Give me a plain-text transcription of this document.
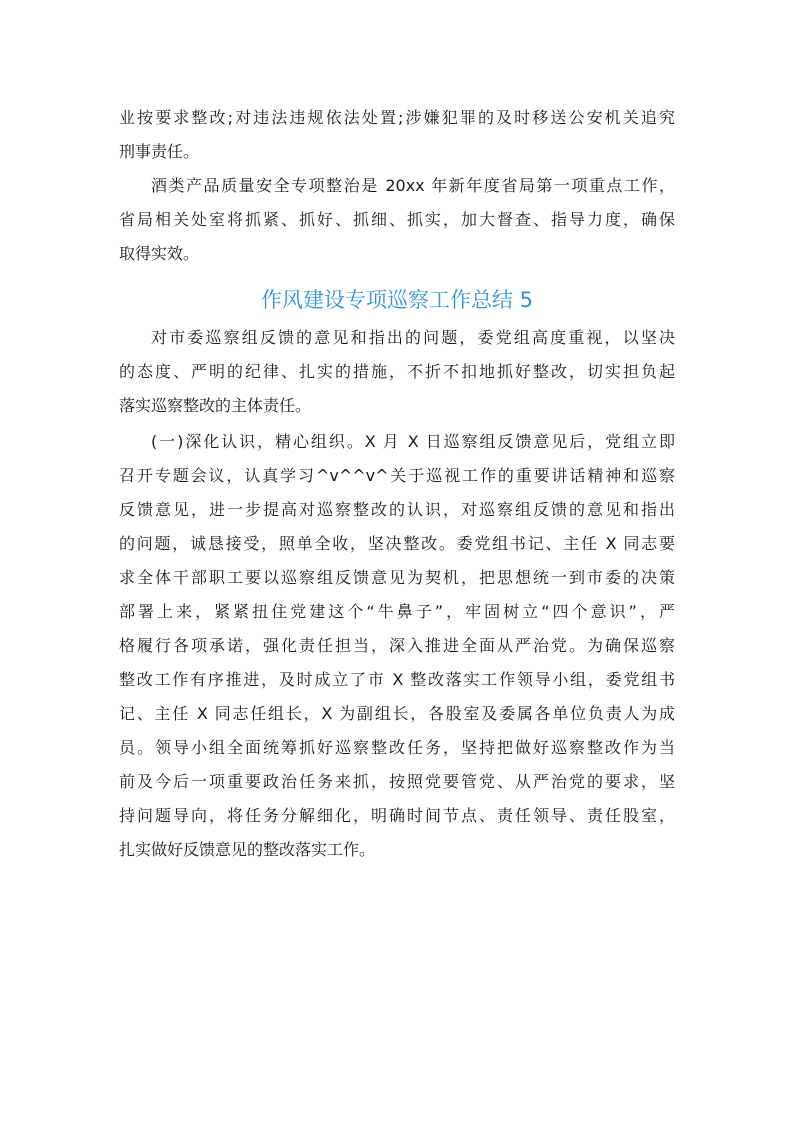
业按要求整改;对违法违规依法处置;涉嫌犯罪的及时移送公安机关追究
刑事责任。
酒类产品质量安全专项整治是 20xx 年新年度省局第一项重点工作，
省局相关处室将抓紧、抓好、抓细、抓实，加大督查、指导力度，确保
取得实效。
作风建设专项巡察工作总结 5
对市委巡察组反馈的意见和指出的问题，委党组高度重视，以坚决
的态度、严明的纪律、扎实的措施，不折不扣地抓好整改，切实担负起
落实巡察整改的主体责任。
(一)深化认识，精心组织。X 月 X 日巡察组反馈意见后，党组立即
召开专题会议，认真学习^v^^v^关于巡视工作的重要讲话精神和巡察
反馈意见，进一步提高对巡察整改的认识，对巡察组反馈的意见和指出
的问题，诚恳接受，照单全收，坚决整改。委党组书记、主任 X 同志要
求全体干部职工要以巡察组反馈意见为契机，把思想统一到市委的决策
部署上来，紧紧扭住党建这个“牛鼻子”，牢固树立“四个意识”，严
格履行各项承诺，强化责任担当，深入推进全面从严治党。为确保巡察
整改工作有序推进，及时成立了市 X 整改落实工作领导小组，委党组书
记、主任 X 同志任组长，X 为副组长，各股室及委属各单位负责人为成
员。领导小组全面统筹抓好巡察整改任务，坚持把做好巡察整改作为当
前及今后一项重要政治任务来抓，按照党要管党、从严治党的要求，坚
持问题导向，将任务分解细化，明确时间节点、责任领导、责任股室，
扎实做好反馈意见的整改落实工作。
